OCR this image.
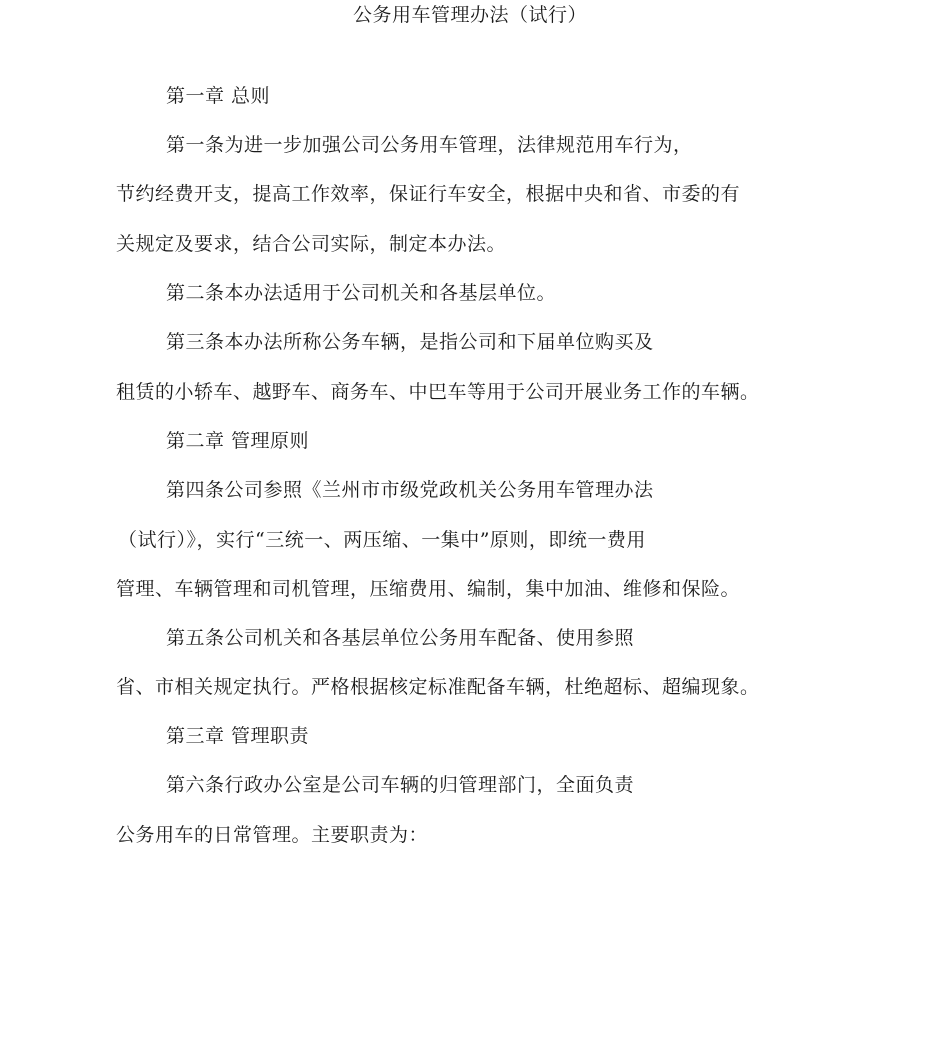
公务用车管理办法（试行）
第一章 总则
第一条为进一步加强公司公务用车管理，法律规范用车行为，
节约经费开支，提高工作效率，保证行车安全，根据中央和省、市委的有
关规定及要求，结合公司实际，制定本办法。
第二条本办法适用于公司机关和各基层单位。
第三条本办法所称公务车辆，是指公司和下届单位购买及
租赁的小轿车、越野车、商务车、中巴车等用于公司开展业务工作的车辆。
第二章 管理原则
第四条公司参照《兰州市市级党政机关公务用车管理办法
（试行）》，实行“三统一、两压缩、一集中”原则，即统一费用
管理、车辆管理和司机管理，压缩费用、编制，集中加油、维修和保险。
第五条公司机关和各基层单位公务用车配备、使用参照
省、市相关规定执行。严格根据核定标准配备车辆，杜绝超标、超编现象。
第三章 管理职责
第六条行政办公室是公司车辆的归管理部门，全面负责
公务用车的日常管理。主要职责为：
